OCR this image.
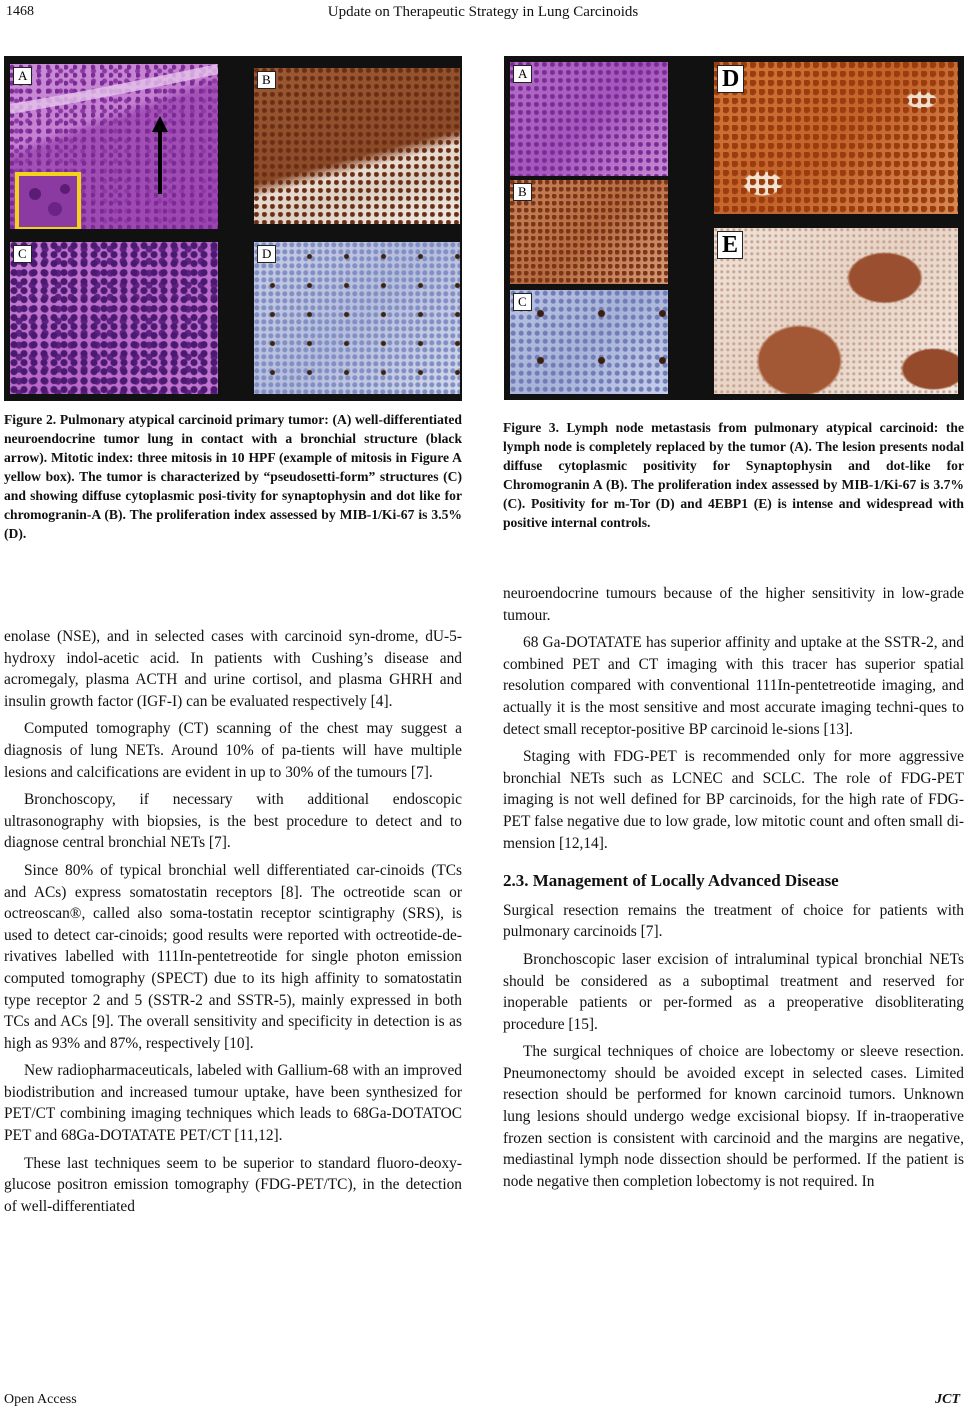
1468	Update on Therapeutic Strategy in Lung Carcinoids
A	B
C	D
Figure 2. Pulmonary atypical carcinoid primary tumor: (A) well-differentiated neuroendocrine tumor lung in contact with a bronchial structure (black arrow). Mitotic index: three mitosis in 10 HPF (example of mitosis in Figure A yellow box). The tumor is characterized by “pseudosetti-form” structures (C) and showing diffuse cytoplasmic posi-tivity for synaptophysin and dot like for chromogranin-A (B). The proliferation index assessed by MIB-1/Ki-67 is 3.5% (D).
A
B
C
D
E
Figure 3. Lymph node metastasis from pulmonary atypical carcinoid: the lymph node is completely replaced by the tumor (A). The lesion presents nodal diffuse cytoplasmic positivity for Synaptophysin and dot-like for Chromogranin A (B). The proliferation index assessed by MIB-1/Ki-67 is 3.7% (C). Positivity for m-Tor (D) and 4EBP1 (E) is intense and widespread with positive internal controls.

enolase (NSE), and in selected cases with carcinoid syn-drome, dU-5-hydroxy indol-acetic acid. In patients with Cushing’s disease and acromegaly, plasma ACTH and urine cortisol, and plasma GHRH and insulin growth factor (IGF-I) can be evaluated respectively [4].

Computed tomography (CT) scanning of the chest may suggest a diagnosis of lung NETs. Around 10% of pa-tients will have multiple lesions and calcifications are evident in up to 30% of the tumours [7].

Bronchoscopy, if necessary with additional endoscopic ultrasonography with biopsies, is the best procedure to detect and to diagnose central bronchial NETs [7].

Since 80% of typical bronchial well differentiated car-cinoids (TCs and ACs) express somatostatin receptors [8]. The octreotide scan or octreoscan®, called also soma-tostatin receptor scintigraphy (SRS), is used to detect car-cinoids; good results were reported with octreotide-de-rivatives labelled with 111In-pentetreotide for single photon emission computed tomography (SPECT) due to its high affinity to somatostatin type receptor 2 and 5 (SSTR-2 and SSTR-5), mainly expressed in both TCs and ACs [9]. The overall sensitivity and specificity in detection is as high as 93% and 87%, respectively [10].

New radiopharmaceuticals, labeled with Gallium-68 with an improved biodistribution and increased tumour uptake, have been synthesized for PET/CT combining imaging techniques which leads to 68Ga-DOTATOC PET and 68Ga-DOTATATE PET/CT [11,12].

These last techniques seem to be superior to standard fluoro-deoxy-glucose positron emission tomography (FDG-PET/TC), in the detection of well-differentiated

neuroendocrine tumours because of the higher sensitivity in low-grade tumour.

68 Ga-DOTATATE has superior affinity and uptake at the SSTR-2, and combined PET and CT imaging with this tracer has superior spatial resolution compared with conventional 111In-pentetreotide imaging, and actually it is the most sensitive and most accurate imaging techni-ques to detect small receptor-positive BP carcinoid le-sions [13].

Staging with FDG-PET is recommended only for more aggressive bronchial NETs such as LCNEC and SCLC. The role of FDG-PET imaging is not well defined for BP carcinoids, for the high rate of FDG-PET false negative due to low grade, low mitotic count and often small di-mension [12,14].

2.3. Management of Locally Advanced Disease

Surgical resection remains the treatment of choice for patients with pulmonary carcinoids [7].

Bronchoscopic laser excision of intraluminal typical bronchial NETs should be considered as a suboptimal treatment and reserved for inoperable patients or per-formed as a preoperative disobliterating procedure [15].

The surgical techniques of choice are lobectomy or sleeve resection. Pneumonectomy should be avoided except in selected cases. Limited resection should be performed for known carcinoid tumors. Unknown lung lesions should undergo wedge excisional biopsy. If in-traoperative frozen section is consistent with carcinoid and the margins are negative, mediastinal lymph node dissection should be performed. If the patient is node negative then completion lobectomy is not required. In

Open Access	JCT
